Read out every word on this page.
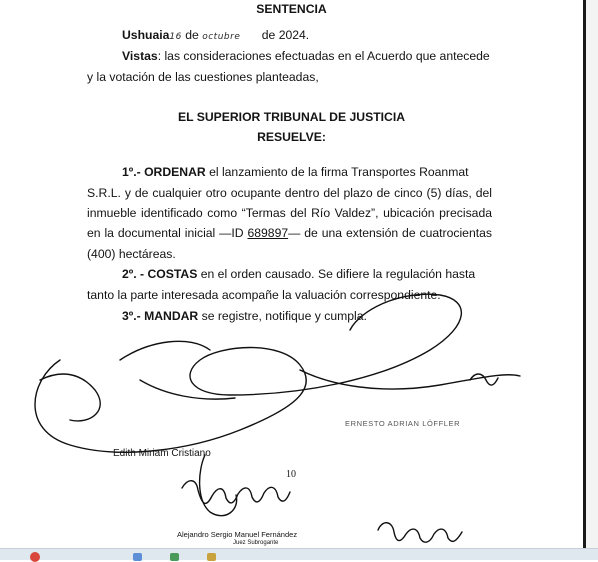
SENTENCIA
Ushuaia16 de octubre de 2024.
Vistas: las consideraciones efectuadas en el Acuerdo que antecede
y la votación de las cuestiones planteadas,
EL SUPERIOR TRIBUNAL DE JUSTICIA
RESUELVE:
1º.- ORDENAR el lanzamiento de la firma Transportes Roanmat
S.R.L. y de cualquier otro ocupante dentro del plazo de cinco (5) días, del
inmueble identificado como “Termas del Río Valdez”, ubicación precisada
en la documental inicial —ID 689897— de una extensión de cuatrocientas
(400) hectáreas.
2º. - COSTAS en el orden causado. Se difiere la regulación hasta
tanto la parte interesada acompañe la valuación correspondiente.
3º.- MANDAR se registre, notifique y cumpla.
ERNESTO ADRIAN LÖFFLER
Edith Miriam Cristiano
10
Alejandro Sergio Manuel Fernández
Juez Subrogante
